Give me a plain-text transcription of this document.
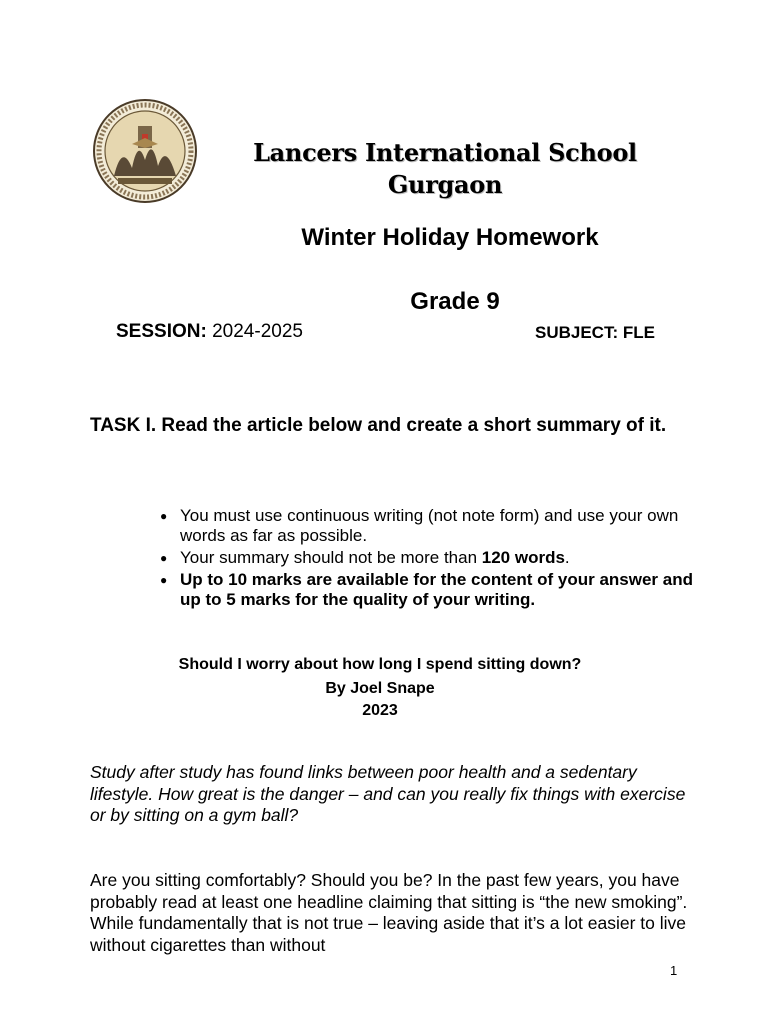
Lancers International School
Gurgaon
Winter Holiday Homework
Grade 9
SESSION: 2024-2025	SUBJECT: FLE
TASK I. Read the article below and create a short summary of it.
● You must use continuous writing (not note form) and use your own words as far as possible.
● Your summary should not be more than 120 words.
● Up to 10 marks are available for the content of your answer and up to 5 marks for the quality of your writing.
Should I worry about how long I spend sitting down?
By Joel Snape
2023
Study after study has found links between poor health and a sedentary lifestyle. How great is the danger – and can you really fix things with exercise or by sitting on a gym ball?
Are you sitting comfortably? Should you be? In the past few years, you have probably read at least one headline claiming that sitting is “the new smoking”. While fundamentally that is not true – leaving aside that it’s a lot easier to live without cigarettes than without
1
